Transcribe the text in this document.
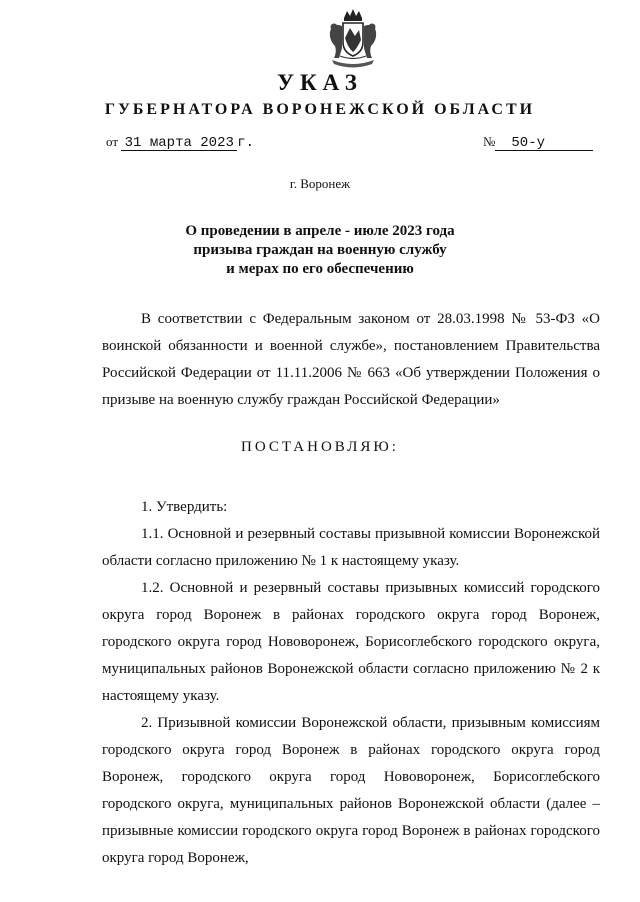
УКАЗ
ГУБЕРНАТОРА ВОРОНЕЖСКОЙ ОБЛАСТИ
от 31 марта 2023 г.	№ 50-у
г. Воронеж
О проведении в апреле - июле 2023 года
призыва граждан на военную службу
и мерах по его обеспечению
В соответствии с Федеральным законом от 28.03.1998 № 53-ФЗ «О воинской обязанности и военной службе», постановлением Правительства Российской Федерации от 11.11.2006 № 663 «Об утверждении Положения о призыве на военную службу граждан Российской Федерации»
ПОСТАНОВЛЯЮ:

1. Утвердить:

1.1. Основной и резервный составы призывной комиссии Воронежской области согласно приложению № 1 к настоящему указу.

1.2. Основной и резервный составы призывных комиссий городского округа город Воронеж в районах городского округа город Воронеж, городского округа город Нововоронеж, Борисоглебского городского округа, муниципальных районов Воронежской области согласно приложению № 2 к настоящему указу.

2. Призывной комиссии Воронежской области, призывным комиссиям городского округа город Воронеж в районах городского округа город Воронеж, городского округа город Нововоронеж, Борисоглебского городского округа, муниципальных районов Воронежской области (далее – призывные комиссии городского округа город Воронеж в районах городского округа город Воронеж,
